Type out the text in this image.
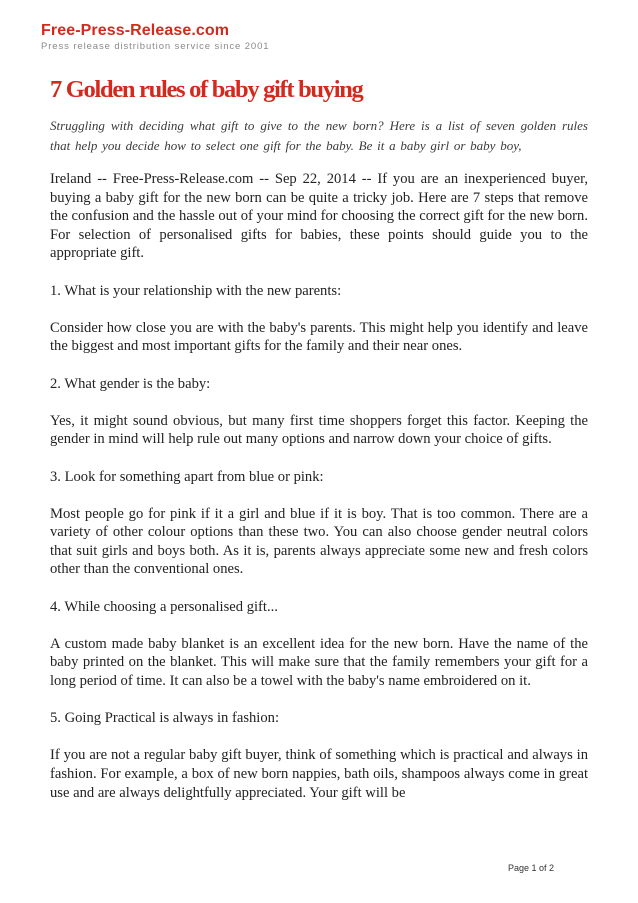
Free-Press-Release.com
Press release distribution service since 2001
7 Golden rules of baby gift buying

Struggling with deciding what gift to give to the new born? Here is a list of seven golden rules that help you decide how to select one gift for the baby. Be it a baby girl or baby boy,

Ireland -- Free-Press-Release.com -- Sep 22, 2014 -- If you are an inexperienced buyer, buying a baby gift for the new born can be quite a tricky job. Here are 7 steps that remove the confusion and the hassle out of your mind for choosing the correct gift for the new born. For selection of personalised gifts for babies, these points should guide you to the appropriate gift.

1. What is your relationship with the new parents:

Consider how close you are with the baby's parents. This might help you identify and leave the biggest and most important gifts for the family and their near ones.

2. What gender is the baby:

Yes, it might sound obvious, but many first time shoppers forget this factor. Keeping the gender in mind will help rule out many options and narrow down your choice of gifts.

3. Look for something apart from blue or pink:

Most people go for pink if it a girl and blue if it is boy. That is too common. There are a variety of other colour options than these two. You can also choose gender neutral colors that suit girls and boys both. As it is, parents always appreciate some new and fresh colors other than the conventional ones.

4. While choosing a personalised gift...

A custom made baby blanket is an excellent idea for the new born. Have the name of the baby printed on the blanket. This will make sure that the family remembers your gift for a long period of time. It can also be a towel with the baby's name embroidered on it.

5. Going Practical is always in fashion:

If you are not a regular baby gift buyer, think of something which is practical and always in fashion. For example, a box of new born nappies, bath oils, shampoos always come in great use and are always delightfully appreciated. Your gift will be

Page 1 of 2
